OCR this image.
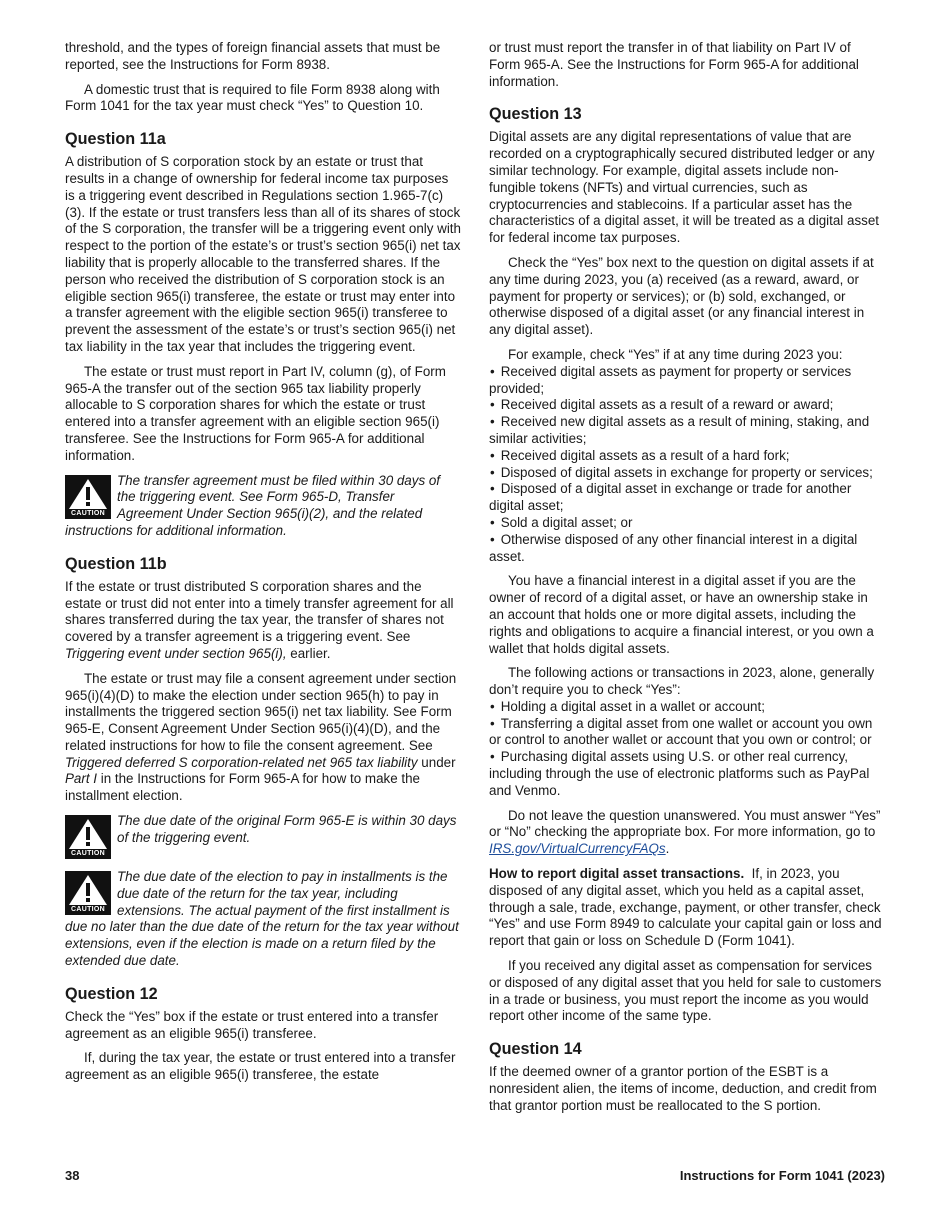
threshold, and the types of foreign financial assets that must be reported, see the Instructions for Form 8938.

A domestic trust that is required to file Form 8938 along with Form 1041 for the tax year must check “Yes” to Question 10.

Question 11a

A distribution of S corporation stock by an estate or trust that results in a change of ownership for federal income tax purposes is a triggering event described in Regulations section 1.965-7(c)(3). If the estate or trust transfers less than all of its shares of stock of the S corporation, the transfer will be a triggering event only with respect to the portion of the estate’s or trust’s section 965(i) net tax liability that is properly allocable to the transferred shares. If the person who received the distribution of S corporation stock is an eligible section 965(i) transferee, the estate or trust may enter into a transfer agreement with the eligible section 965(i) transferee to prevent the assessment of the estate’s or trust’s section 965(i) net tax liability in the tax year that includes the triggering event.

The estate or trust must report in Part IV, column (g), of Form 965-A the transfer out of the section 965 tax liability properly allocable to S corporation shares for which the estate or trust entered into a transfer agreement with an eligible section 965(i) transferee. See the Instructions for Form 965-A for additional information.

CAUTION
The transfer agreement must be filed within 30 days of the triggering event. See Form 965-D, Transfer Agreement Under Section 965(i)(2), and the related instructions for additional information.
Question 11b

If the estate or trust distributed S corporation shares and the estate or trust did not enter into a timely transfer agreement for all shares transferred during the tax year, the transfer of shares not covered by a transfer agreement is a triggering event. See Triggering event under section 965(i), earlier.

The estate or trust may file a consent agreement under section 965(i)(4)(D) to make the election under section 965(h) to pay in installments the triggered section 965(i) net tax liability. See Form 965-E, Consent Agreement Under Section 965(i)(4)(D), and the related instructions for how to file the consent agreement. See Triggered deferred S corporation-related net 965 tax liability under Part I in the Instructions for Form 965-A for how to make the installment election.

CAUTION
The due date of the original Form 965-E is within 30 days of the triggering event.
CAUTION
The due date of the election to pay in installments is the due date of the return for the tax year, including extensions. The actual payment of the first installment is due no later than the due date of the return for the tax year without extensions, even if the election is made on a return filed by the extended due date.
Question 12

Check the “Yes” box if the estate or trust entered into a transfer agreement as an eligible 965(i) transferee.

If, during the tax year, the estate or trust entered into a transfer agreement as an eligible 965(i) transferee, the estate

or trust must report the transfer in of that liability on Part IV of Form 965-A. See the Instructions for Form 965-A for additional information.

Question 13

Digital assets are any digital representations of value that are recorded on a cryptographically secured distributed ledger or any similar technology. For example, digital assets include non-fungible tokens (NFTs) and virtual currencies, such as cryptocurrencies and stablecoins. If a particular asset has the characteristics of a digital asset, it will be treated as a digital asset for federal income tax purposes.

Check the “Yes” box next to the question on digital assets if at any time during 2023, you (a) received (as a reward, award, or payment for property or services); or (b) sold, exchanged, or otherwise disposed of a digital asset (or any financial interest in any digital asset).

For example, check “Yes” if at any time during 2023 you:

• Received digital assets as payment for property or services provided;
• Received digital assets as a result of a reward or award;
• Received new digital assets as a result of mining, staking, and similar activities;
• Received digital assets as a result of a hard fork;
• Disposed of digital assets in exchange for property or services;
• Disposed of a digital asset in exchange or trade for another digital asset;
• Sold a digital asset; or
• Otherwise disposed of any other financial interest in a digital asset.

You have a financial interest in a digital asset if you are the owner of record of a digital asset, or have an ownership stake in an account that holds one or more digital assets, including the rights and obligations to acquire a financial interest, or you own a wallet that holds digital assets.

The following actions or transactions in 2023, alone, generally don’t require you to check “Yes”:

• Holding a digital asset in a wallet or account;
• Transferring a digital asset from one wallet or account you own or control to another wallet or account that you own or control; or
• Purchasing digital assets using U.S. or other real currency, including through the use of electronic platforms such as PayPal and Venmo.

Do not leave the question unanswered. You must answer “Yes” or “No” checking the appropriate box. For more information, go to IRS.gov/VirtualCurrencyFAQs.

How to report digital asset transactions. If, in 2023, you disposed of any digital asset, which you held as a capital asset, through a sale, trade, exchange, payment, or other transfer, check “Yes” and use Form 8949 to calculate your capital gain or loss and report that gain or loss on Schedule D (Form 1041).

If you received any digital asset as compensation for services or disposed of any digital asset that you held for sale to customers in a trade or business, you must report the income as you would report other income of the same type.

Question 14

If the deemed owner of a grantor portion of the ESBT is a nonresident alien, the items of income, deduction, and credit from that grantor portion must be reallocated to the S portion.

38	Instructions for Form 1041 (2023)
